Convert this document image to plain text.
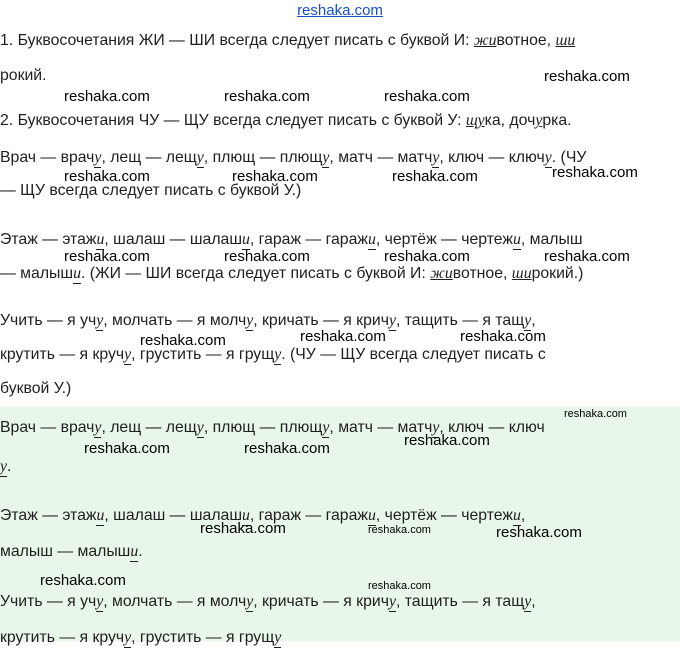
reshaka.com
1. Буквосочетания ЖИ — ШИ всегда следует писать с буквой И: животное, ши
рокий.
2. Буквосочетания ЧУ — ЩУ всегда следует писать с буквой У: щука, дочурка.
Врач — врачу, лещ — лещу, плющ — плющу, матч — матчу, ключ — ключу. (ЧУ
— ЩУ всегда следует писать с буквой У.)
Этаж — этажи, шалаш — шалаши, гараж — гаражи, чертёж — чертежи, малыш
— малыши. (ЖИ — ШИ всегда следует писать с буквой И: животное, широкий.)
Учить — я учу, молчать — я молчу, кричать — я кричу, тащить — я тащу,
крутить — я кручу, грустить — я грущу. (ЧУ — ЩУ всегда следует писать с
буквой У.)
Врач — врачу, лещ — лещу, плющ — плющу, матч — матчу, ключ — ключ
у.
Этаж — этажи, шалаш — шалаши, гараж — гаражи, чертёж — чертежи,
малыш — малыши.
Учить — я учу, молчать — я молчу, кричать — я кричу, тащить — я тащу,
крутить — я кручу, грустить — я грущу
reshaka.com
reshaka.com	reshaka.com	reshaka.com
reshaka.com	reshaka.com	reshaka.com	reshaka.com
reshaka.com	reshaka.com	reshaka.com	reshaka.com
reshaka.com	reshaka.com	reshaka.com
reshaka.com
reshaka.com
reshaka.com	reshaka.com
reshaka.com	reshaka.com	reshaka.com
reshaka.com	reshaka.com
